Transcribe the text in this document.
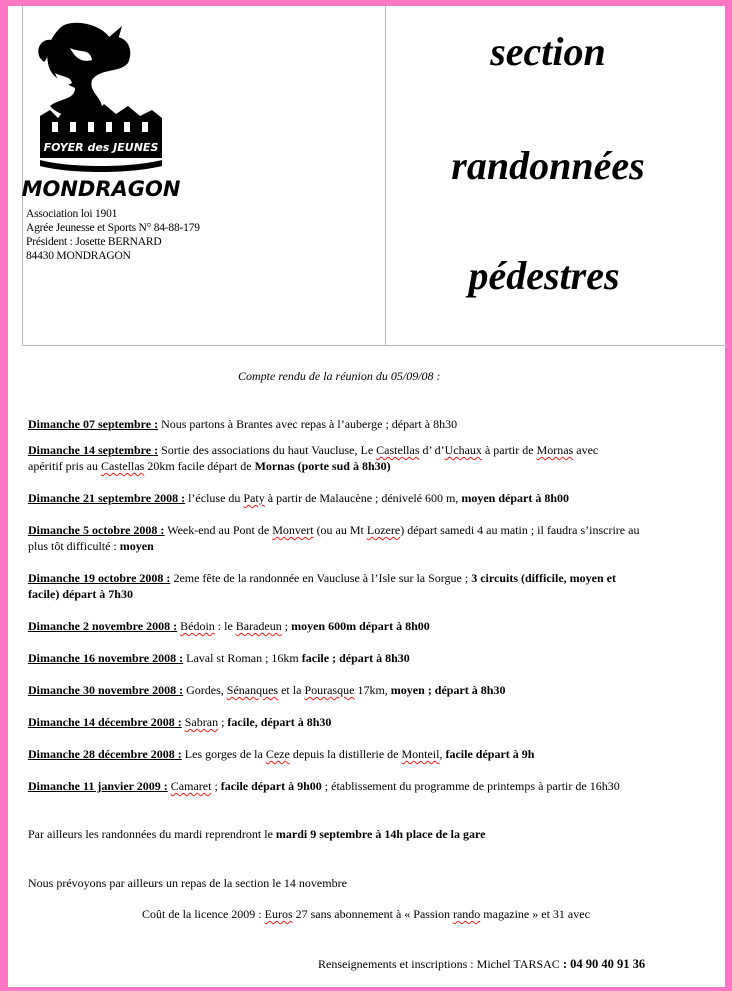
FOYER des JEUNES
MONDRAGON
Association loi 1901
Agrée Jeunesse et Sports N° 84-88-179
Président : Josette BERNARD
84430 MONDRAGON
section
randonnées
pédestres
Compte rendu de la réunion du 05/09/08 :
Dimanche 07 septembre : Nous partons à Brantes avec repas à l’auberge ; départ à 8h30
Dimanche 14 septembre : Sortie des associations du haut Vaucluse, Le Castellas d’ d’Uchaux à partir de Mornas avec
apéritif pris au Castellas 20km facile départ de Mornas (porte sud à 8h30)
Dimanche 21 septembre 2008 : l’écluse du Paty à partir de Malaucène ; dénivelé 600 m, moyen départ à 8h00
Dimanche 5 octobre 2008 : Week-end au Pont de Monvert (ou au Mt Lozere) départ samedi 4 au matin ; il faudra s’inscrire au
plus tôt difficulté : moyen
Dimanche 19 octobre 2008 : 2eme fête de la randonnée en Vaucluse à l’Isle sur la Sorgue ; 3 circuits (difficile, moyen et
facile) départ à 7h30
Dimanche 2 novembre 2008 : Bédoin : le Baradeun ; moyen 600m départ à 8h00
Dimanche 16 novembre 2008 : Laval st Roman ; 16km facile ; départ à 8h30
Dimanche 30 novembre 2008 : Gordes, Sénanques et la Pourasque 17km, moyen ; départ à 8h30
Dimanche 14 décembre 2008 : Sabran ; facile, départ à 8h30
Dimanche 28 décembre 2008 : Les gorges de la Ceze depuis la distillerie de Monteil, facile départ à 9h
Dimanche 11 janvier 2009 : Camaret ; facile départ à 9h00 ; établissement du programme de printemps à partir de 16h30
Par ailleurs les randonnées du mardi reprendront le mardi 9 septembre à 14h place de la gare
Nous prévoyons par ailleurs un repas de la section le 14 novembre
Coût de la licence 2009 : Euros 27 sans abonnement à « Passion rando magazine » et 31 avec
Renseignements et inscriptions : Michel TARSAC : 04 90 40 91 36
